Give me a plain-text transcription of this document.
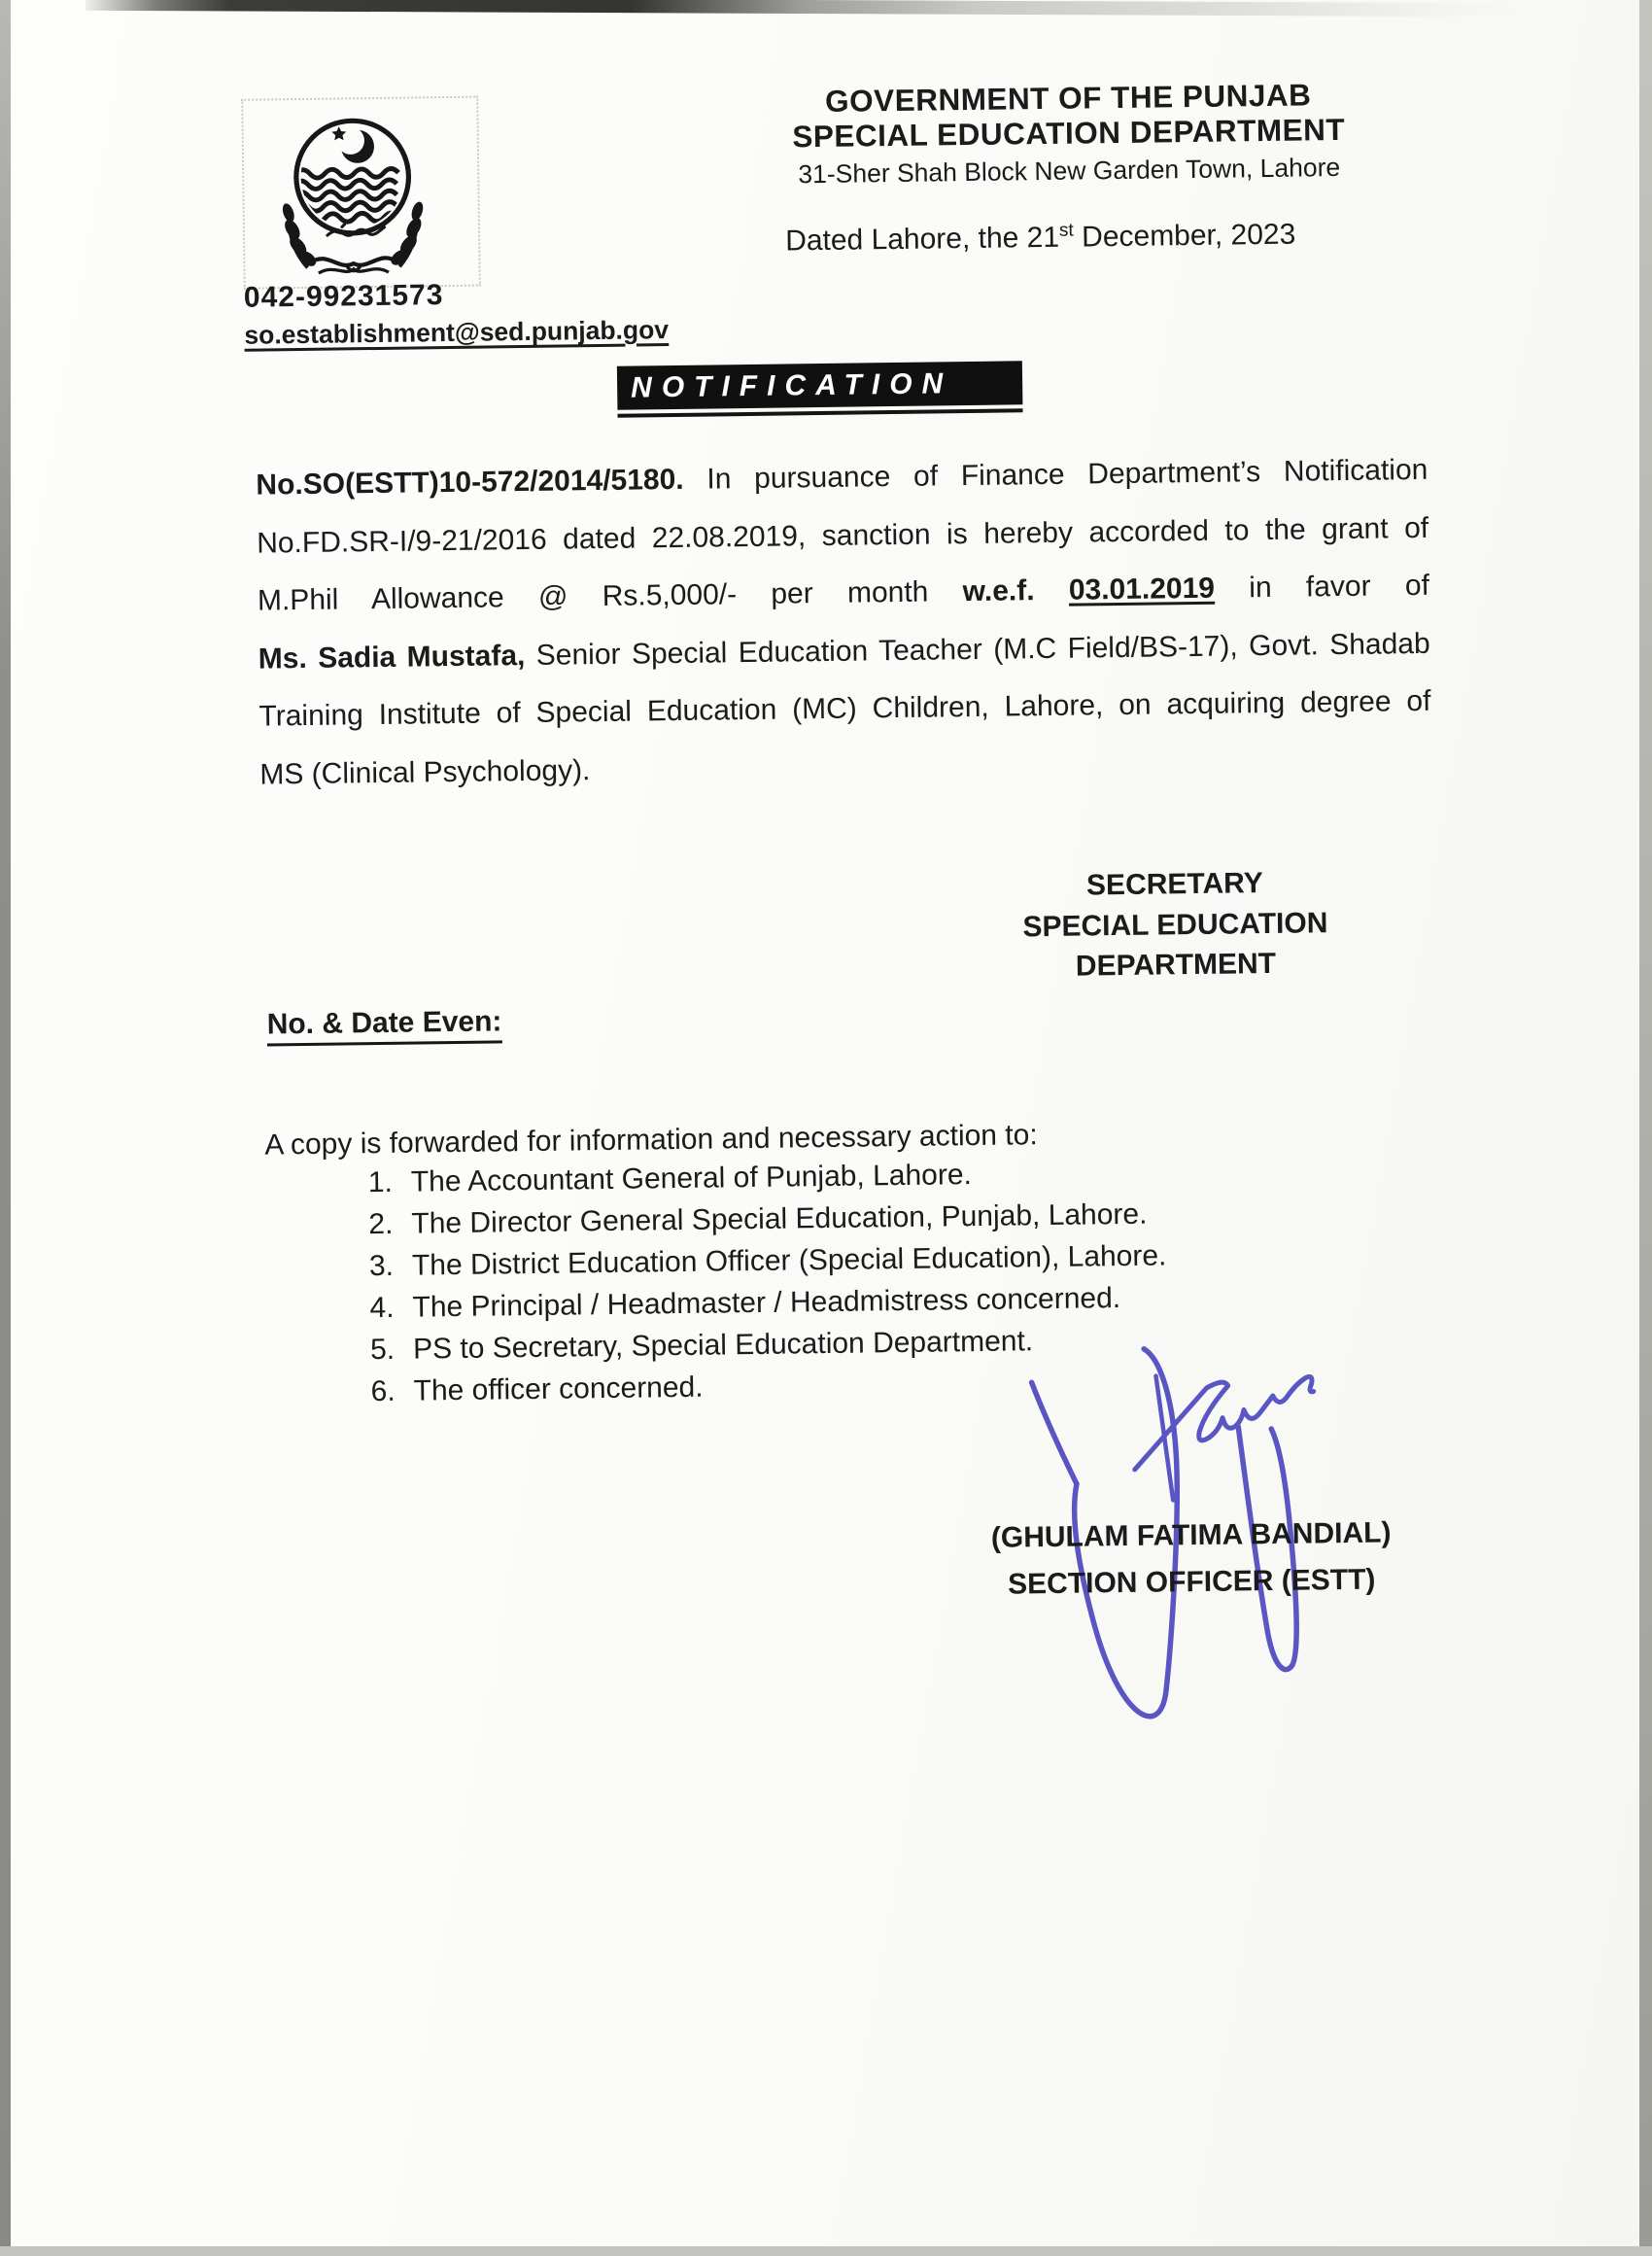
042-99231573
so.establishment@sed.punjab.gov
GOVERNMENT OF THE PUNJAB
SPECIAL EDUCATION DEPARTMENT
31-Sher Shah Block New Garden Town, Lahore
Dated Lahore, the 21st December, 2023
NOTIFICATION
No.SO(ESTT)10-572/2014/5180. In pursuance of Finance Department’s Notification
No.FD.SR-I/9-21/2016 dated 22.08.2019, sanction is hereby accorded to the grant of
M.Phil Allowance @ Rs.5,000/- per month w.e.f. 03.01.2019 in favor of
Ms. Sadia Mustafa, Senior Special Education Teacher (M.C Field/BS-17), Govt. Shadab
Training Institute of Special Education (MC) Children, Lahore, on acquiring degree of
MS (Clinical Psychology).
SECRETARY
SPECIAL EDUCATION
DEPARTMENT
No. & Date Even:
A copy is forwarded for information and necessary action to:
1. The Accountant General of Punjab, Lahore.
2. The Director General Special Education, Punjab, Lahore.
3. The District Education Officer (Special Education), Lahore.
4. The Principal / Headmaster / Headmistress concerned.
5. PS to Secretary, Special Education Department.
6. The officer concerned.
(GHULAM FATIMA BANDIAL)
SECTION OFFICER (ESTT)
